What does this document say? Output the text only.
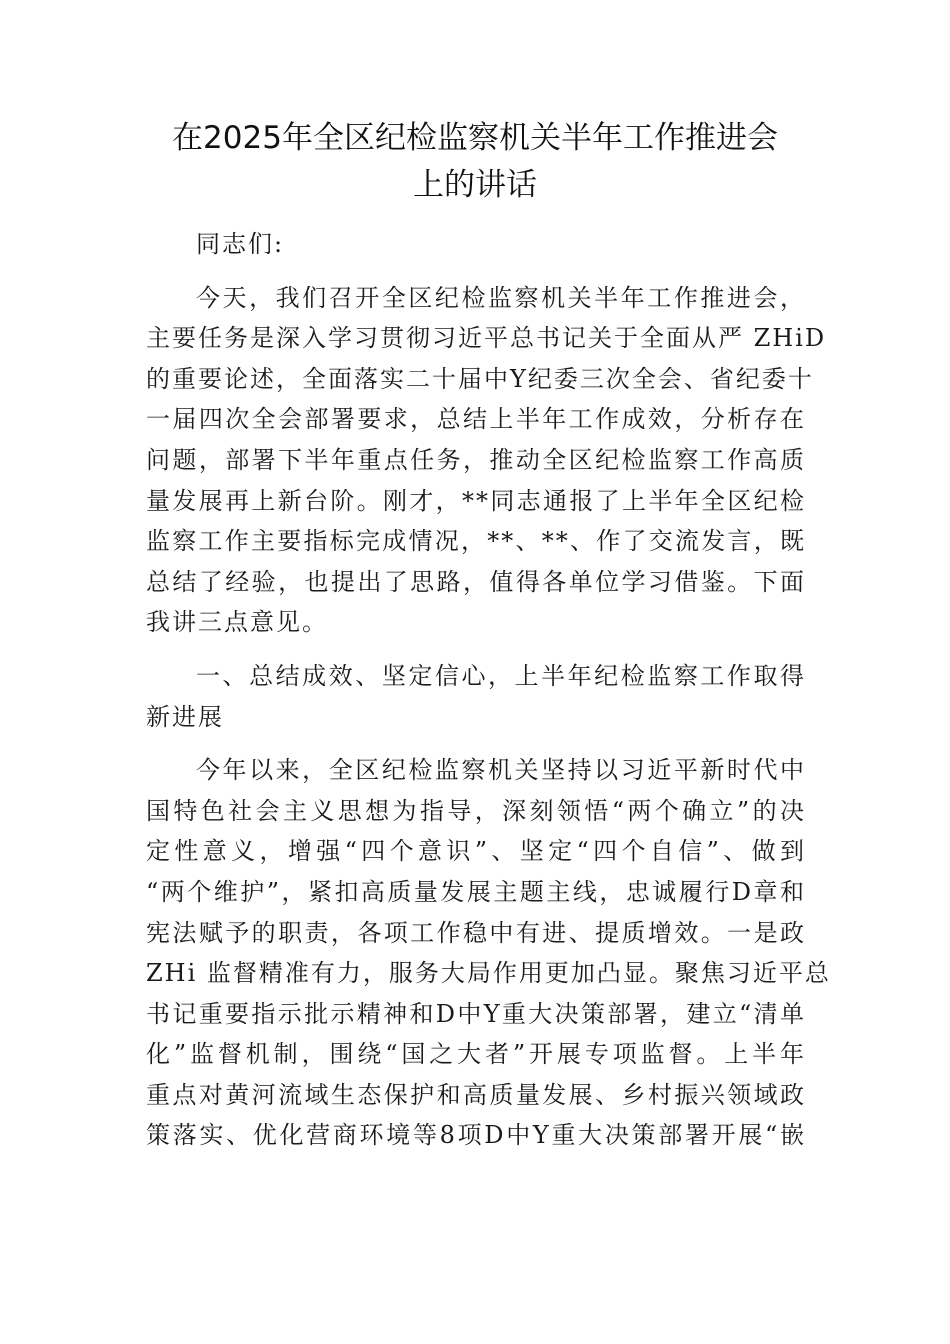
在2025年全区纪检监察机关半年工作推进会
上的讲话
同志们:
今天，我们召开全区纪检监察机关半年工作推进会，
主要任务是深入学习贯彻习近平总书记关于全面从严 ZHiD
的重要论述，全面落实二十届中Y纪委三次全会、省纪委十
一届四次全会部署要求，总结上半年工作成效，分析存在
问题，部署下半年重点任务，推动全区纪检监察工作高质
量发展再上新台阶。刚才，**同志通报了上半年全区纪检
监察工作主要指标完成情况，**、**、作了交流发言，既
总结了经验，也提出了思路，值得各单位学习借鉴。下面
我讲三点意见。
一、总结成效、坚定信心，上半年纪检监察工作取得
新进展
今年以来，全区纪检监察机关坚持以习近平新时代中
国特色社会主义思想为指导，深刻领悟“两个确立”的决
定性意义，增强“四个意识”、坚定“四个自信”、做到
“两个维护”，紧扣高质量发展主题主线，忠诚履行D章和
宪法赋予的职责，各项工作稳中有进、提质增效。一是政
ZHi 监督精准有力，服务大局作用更加凸显。聚焦习近平总
书记重要指示批示精神和D中Y重大决策部署，建立“清单
化”监督机制，围绕“国之大者”开展专项监督。上半年
重点对黄河流域生态保护和高质量发展、乡村振兴领域政
策落实、优化营商环境等8项D中Y重大决策部署开展“嵌
